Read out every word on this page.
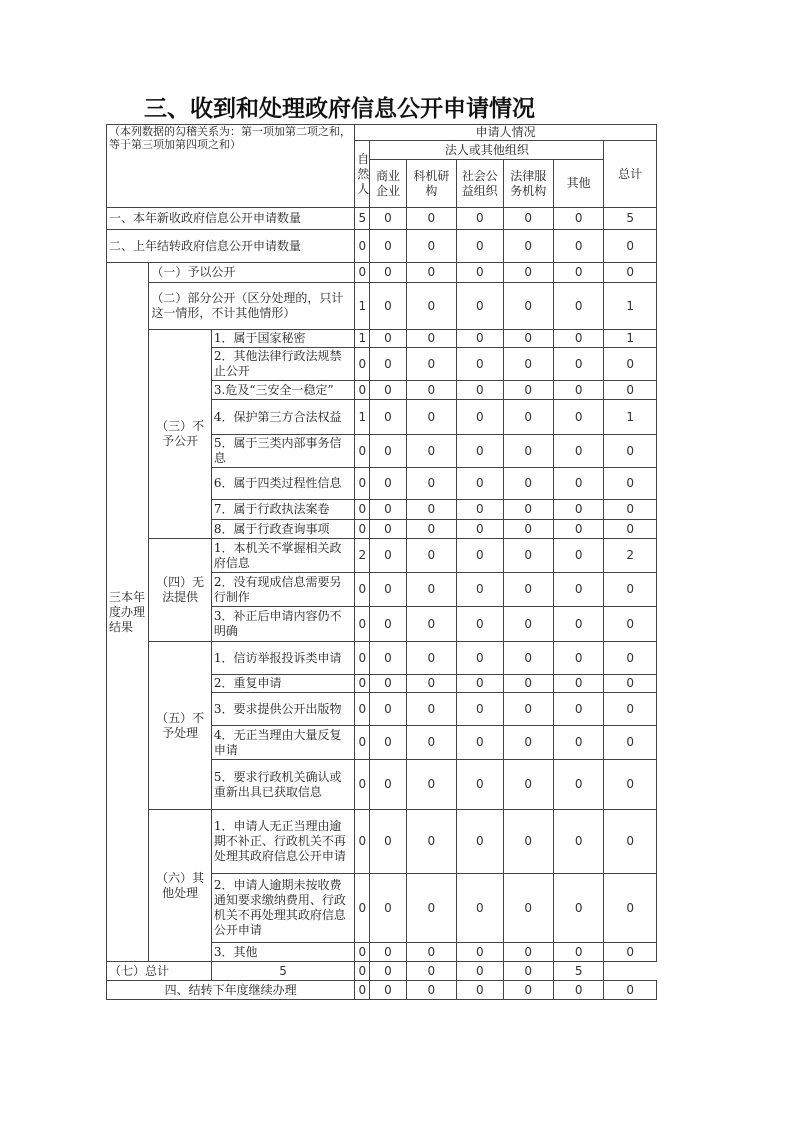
三、收到和处理政府信息公开申请情况
（本列数据的勾稽关系为：第一项加第二项之和，等于第三项加第四项之和）			申请人情况						
			自然人	法人或其他组织					总计
				商业企业	科机研构	社会公益组织	法律服务机构	其他	
一、本年新收政府信息公开申请数量			5	0	0	0	0	0	5
二、上年结转政府信息公开申请数量			0	0	0	0	0	0	0
三本年度办理结果	（一）予以公开		0	0	0	0	0	0	0
	（二）部分公开（区分处理的，只计这一情形，不计其他情形）		1	0	0	0	0	0	1
	（三）不予公开	1．属于国家秘密	1	0	0	0	0	0	1
		2．其他法律行政法规禁止公开	0	0	0	0	0	0	0
		3.危及“三安全一稳定”	0	0	0	0	0	0	0
		4．保护第三方合法权益	1	0	0	0	0	0	1
		5．属于三类内部事务信息	0	0	0	0	0	0	0
		6．属于四类过程性信息	0	0	0	0	0	0	0
		7．属于行政执法案卷	0	0	0	0	0	0	0
		8．属于行政查询事项	0	0	0	0	0	0	0
	（四）无法提供	1．本机关不掌握相关政府信息	2	0	0	0	0	0	2
		2．没有现成信息需要另行制作	0	0	0	0	0	0	0
		3．补正后申请内容仍不明确	0	0	0	0	0	0	0
	（五）不予处理	1．信访举报投诉类申请	0	0	0	0	0	0	0
		2．重复申请	0	0	0	0	0	0	0
		3．要求提供公开出版物	0	0	0	0	0	0	0
		4．无正当理由大量反复申请	0	0	0	0	0	0	0
		5．要求行政机关确认或重新出具已获取信息	0	0	0	0	0	0	0
	（六）其他处理	1．申请人无正当理由逾期不补正、行政机关不再处理其政府信息公开申请	0	0	0	0	0	0	0
		2．申请人逾期未按收费通知要求缴纳费用、行政机关不再处理其政府信息公开申请	0	0	0	0	0	0	0
		3．其他	0	0	0	0	0	0	0
（七）总计		5	0	0	0	0	0	5	
四、结转下年度继续办理			0	0	0	0	0	0	0
